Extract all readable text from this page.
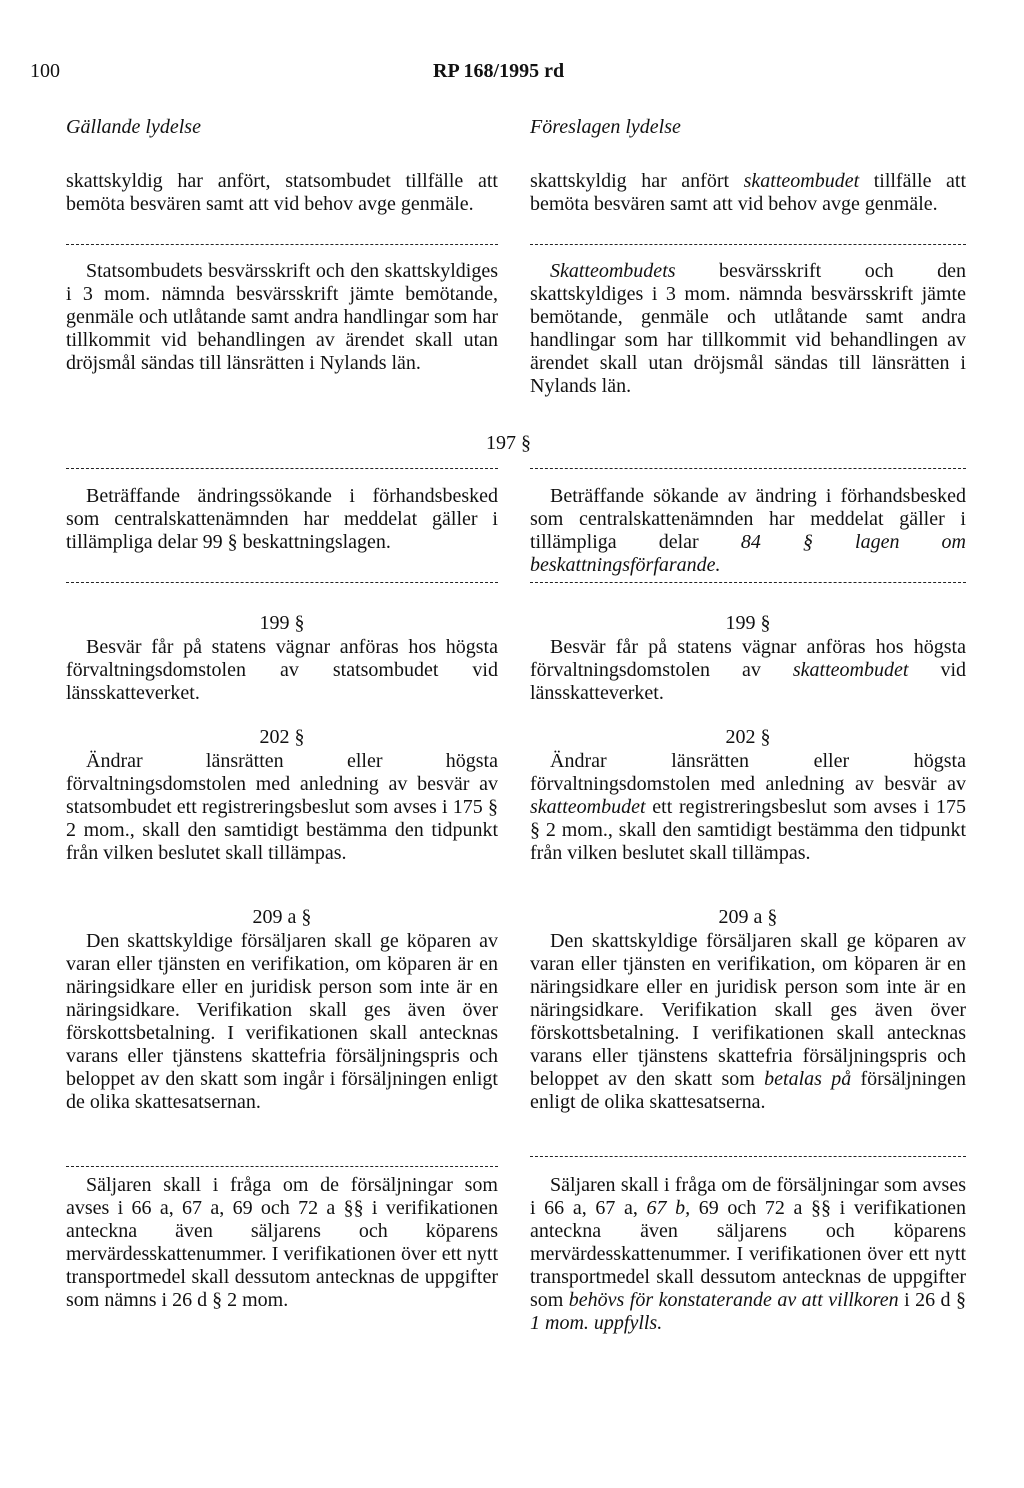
100	RP 168/1995 rd
Gällande lydelse	Föreslagen lydelse
197 §

skattskyldig har anfört, statsombudet tillfälle att bemöta besvären samt att vid behov avge genmäle.

Statsombudets besvärsskrift och den skattskyldiges i 3 mom. nämnda besvärsskrift jämte bemötande, genmäle och utlåtande samt andra handlingar som har tillkommit vid behandlingen av ärendet skall utan dröjsmål sändas till länsrätten i Nylands län.

Beträffande ändringssökande i förhandsbesked som centralskattenämnden har meddelat gäller i tillämpliga delar 99 § beskattningslagen.

199 §

Besvär får på statens vägnar anföras hos högsta förvaltningsdomstolen av statsombudet vid länsskatteverket.

202 §

Ändrar länsrätten eller högsta förvaltningsdomstolen med anledning av besvär av statsombudet ett registreringsbeslut som avses i 175 § 2 mom., skall den samtidigt bestämma den tidpunkt från vilken beslutet skall tillämpas.

209 a §

Den skattskyldige försäljaren skall ge köparen av varan eller tjänsten en verifikation, om köparen är en näringsidkare eller en juridisk person som inte är en näringsidkare. Verifikation skall ges även över förskottsbetalning. I verifikationen skall antecknas varans eller tjänstens skattefria försäljningspris och beloppet av den skatt som ingår i försäljningen enligt de olika skattesatsernan.

Säljaren skall i fråga om de försäljningar som avses i 66 a, 67 a, 69 och 72 a §§ i verifikationen anteckna även säljarens och köparens mervärdesskattenummer. I verifikationen över ett nytt transportmedel skall dessutom antecknas de uppgifter som nämns i 26 d § 2 mom.

skattskyldig har anfört skatteombudet tillfälle att bemöta besvären samt att vid behov avge genmäle.

Skatteombudets besvärsskrift och den skattskyldiges i 3 mom. nämnda besvärsskrift jämte bemötande, genmäle och utlåtande samt andra handlingar som har tillkommit vid behandlingen av ärendet skall utan dröjsmål sändas till länsrätten i Nylands län.

Beträffande sökande av ändring i förhandsbesked som centralskattenämnden har meddelat gäller i tillämpliga delar 84 § lagen om beskattningsförfarande.

199 §

Besvär får på statens vägnar anföras hos högsta förvaltningsdomstolen av skatteombudet vid länsskatteverket.

202 §

Ändrar länsrätten eller högsta förvaltningsdomstolen med anledning av besvär av skatteombudet ett registreringsbeslut som avses i 175 § 2 mom., skall den samtidigt bestämma den tidpunkt från vilken beslutet skall tillämpas.

209 a §

Den skattskyldige försäljaren skall ge köparen av varan eller tjänsten en verifikation, om köparen är en näringsidkare eller en juridisk person som inte är en näringsidkare. Verifikation skall ges även över förskottsbetalning. I verifikationen skall antecknas varans eller tjänstens skattefria försäljningspris och beloppet av den skatt som betalas på försäljningen enligt de olika skattesatserna.

Säljaren skall i fråga om de försäljningar som avses i 66 a, 67 a, 67 b, 69 och 72 a §§ i verifikationen anteckna även säljarens och köparens mervärdesskattenummer. I verifikationen över ett nytt transportmedel skall dessutom antecknas de uppgifter som behövs för konstaterande av att villkoren i 26 d § 1 mom. uppfylls.
